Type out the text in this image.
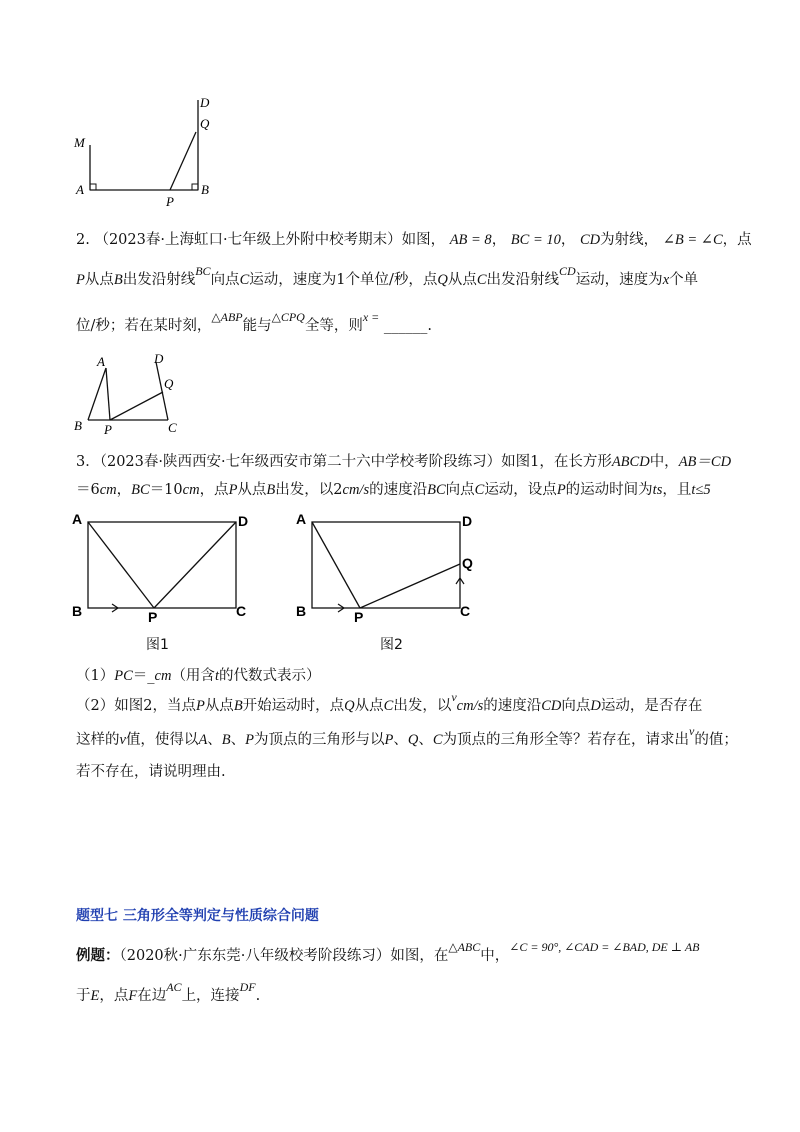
D
Q
M
A	B
P
2. （2023春·上海虹口·七年级上外附中校考期末）如图， AB = 8， BC = 10， CD为射线， ∠B = ∠C，点
P从点B出发沿射线$^{BC}$向点C运动，速度为1个单位/秒，点Q从点C出发沿射线$^{CD}$运动，速度为x个单
位/秒；若在某时刻，$^{\triangle ABP}$能与$^{\triangle CPQ}$全等，则$^{x =}$ ______.
A	D
Q
B P	C
3．（2023春·陕西西安·七年级西安市第二十六中学校考阶段练习）如图1，在长方形ABCD中，AB＝CD
＝6cm，BC＝10cm，点P从点B出发，以2cm/s的速度沿BC向点C运动，设点P的运动时间为ts，且t≤5
A	D
B	P	C
图1
A	D
Q
B	P	C
图2
（1）PC＝_cm（用含t的代数式表示）
（2）如图2，当点P从点B开始运动时，点Q从点C出发，以$^v$cm/s的速度沿CD向点D运动，是否存在
这样的v值，使得以A、B、P为顶点的三角形与以P、Q、C为顶点的三角形全等？若存在，请求出$^v$的值；
若不存在，请说明理由.
题型七 三角形全等判定与性质综合问题
例题：（2020秋·广东东莞·八年级校考阶段练习）如图，在$^{\triangle ABC}$中，$^{\angle C = 90^\circ, \angle CAD = \angle BAD, DE \perp AB}$
于E，点F在边$^{AC}$上，连接$^{DF}$.
